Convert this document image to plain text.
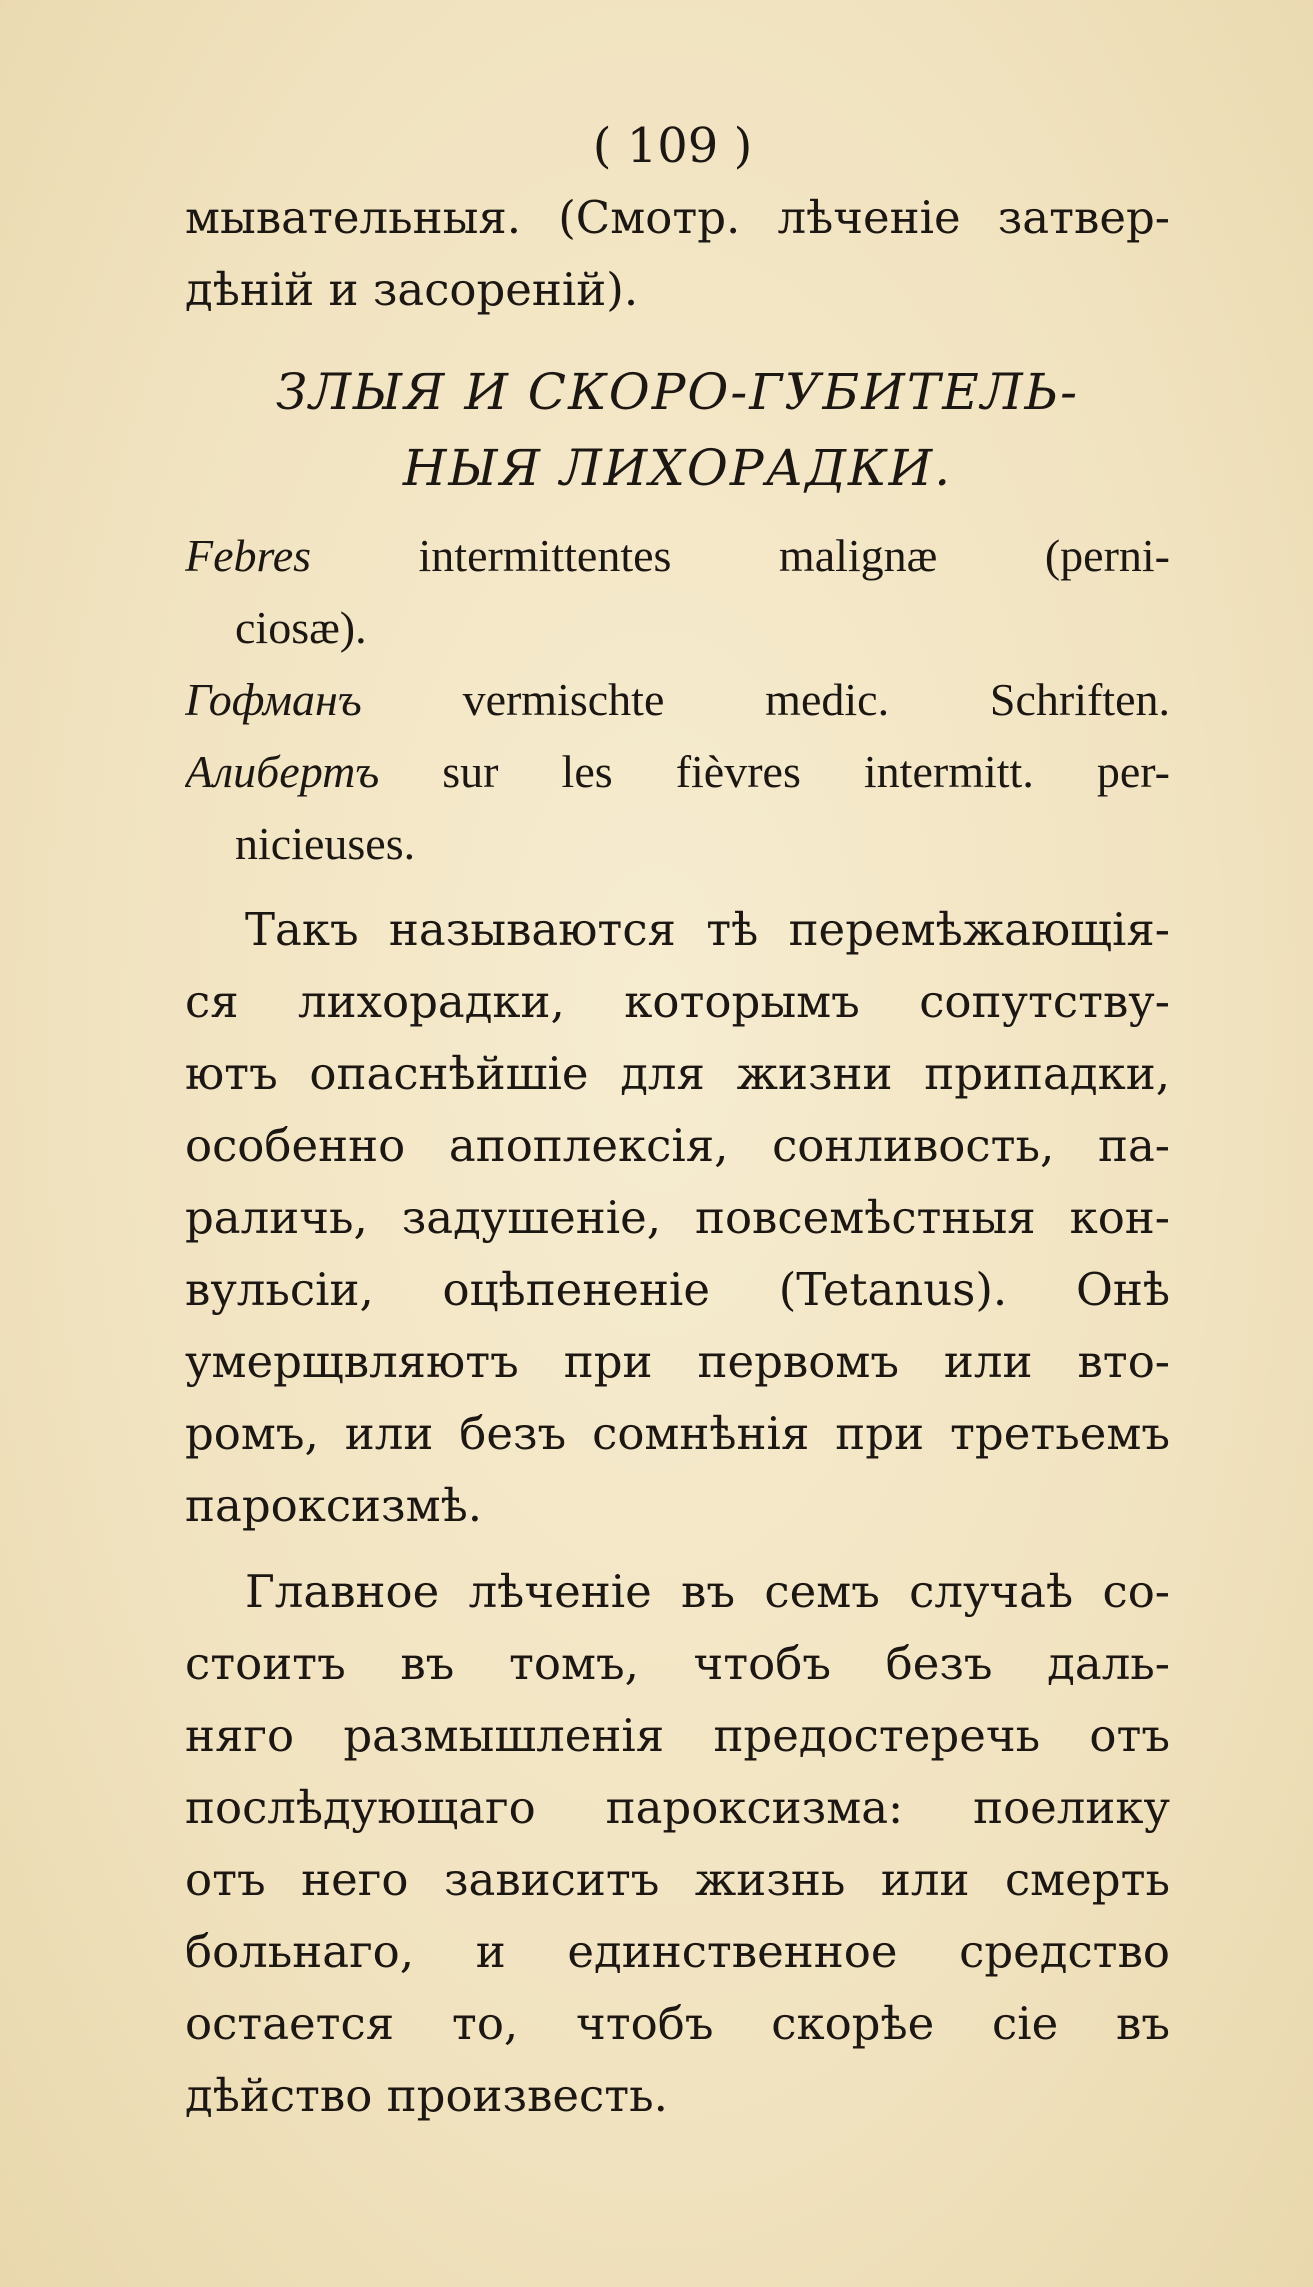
( 109 )
мывательныя. (Смотр. лѣченіе затвер-
дѣній и засореній).
ЗЛЫЯ И СКОРО-ГУБИТЕЛЬ-
НЫЯ ЛИХОРАДКИ.
Febres intermittentes malignæ (perni-
ciosæ).
Гофманъ vermischte medic. Schriften.
Алибертъ sur les fièvres intermitt. per-
nicieuses.
Такъ называются тѣ перемѣжающія-
ся лихорадки, которымъ сопутству-
ютъ опаснѣйшіе для жизни припадки,
особенно апоплексія, сонливость, па-
раличь, задушеніе, повсемѣстныя кон-
вульсіи, оцѣпененіе (Tetanus). Онѣ
умерщвляютъ при первомъ или вто-
ромъ, или безъ сомнѣнія при третьемъ
пароксизмѣ.
Главное лѣченіе въ семъ случаѣ со-
стоитъ въ томъ, чтобъ безъ даль-
няго размышленія предостеречь отъ
послѣдующаго пароксизма: поелику
отъ него зависитъ жизнь или смерть
больнаго, и единственное средство
остается то, чтобъ скорѣе сіе въ
дѣйство произвесть.
